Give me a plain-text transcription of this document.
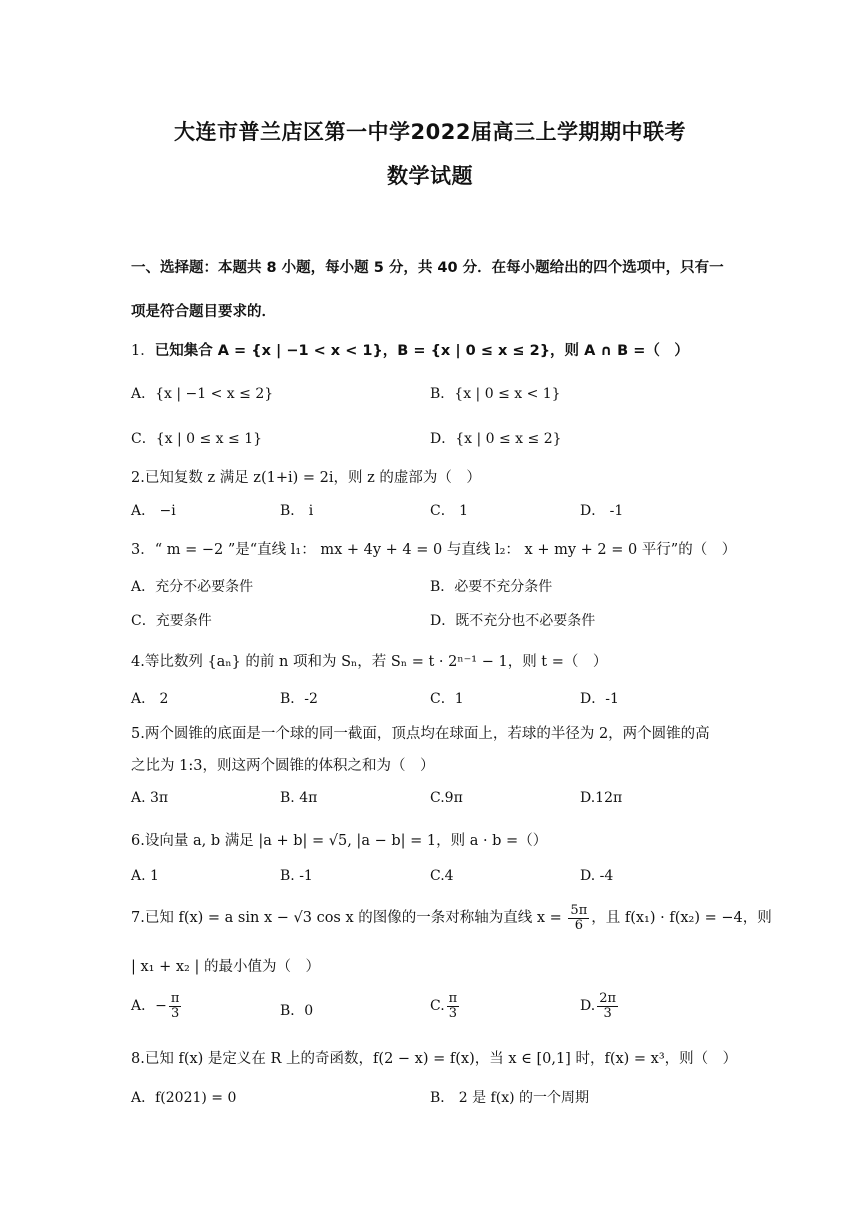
大连市普兰店区第一中学2022届高三上学期期中联考
数学试题
一、选择题：本题共 8 小题，每小题 5 分，共 40 分．在每小题给出的四个选项中，只有一
项是符合题目要求的．
1．已知集合 A = {x | −1 < x < 1}，B = {x | 0 ≤ x ≤ 2}，则 A ∩ B =（　）
A．{x | −1 < x ≤ 2}	B．{x | 0 ≤ x < 1}
C．{x | 0 ≤ x ≤ 1}	D．{x | 0 ≤ x ≤ 2}
2.已知复数 z 满足 z(1+i) = 2i，则 z 的虚部为（　）
A． −i	B． i	C． 1	D． -1
3．“ m = −2 ”是“直线 l₁： mx + 4y + 4 = 0 与直线 l₂： x + my + 2 = 0 平行”的（　）
A．充分不必要条件	B．必要不充分条件
C．充要条件	D．既不充分也不必要条件
4.等比数列 {aₙ} 的前 n 项和为 Sₙ，若 Sₙ = t · 2ⁿ⁻¹ − 1，则 t =（　）
A． 2	B．-2	C．1	D．-1
5.两个圆锥的底面是一个球的同一截面，顶点均在球面上，若球的半径为 2，两个圆锥的高
之比为 1:3，则这两个圆锥的体积之和为（　）
A. 3π	B. 4π	C.9π	D.12π
6.设向量 a, b 满足 |a + b| = √5, |a − b| = 1，则 a · b =（）
A. 1	B. -1	C.4	D. -4
7.已知 f(x) = a sin x − √3 cos x 的图像的一条对称轴为直线 $x = \frac{5\pi}{6}$ ，且 f(x₁) · f(x₂) = −4，则
| x₁ + x₂ | 的最小值为（　）
A．− $\frac{\pi}{3}$	B．0	C. $\frac{\pi}{3}$	D. $\frac{2\pi}{3}$
8.已知 f(x) 是定义在 R 上的奇函数，f(2 − x) = f(x)，当 x ∈ [0,1] 时，f(x) = x³，则（　）
A．f(2021) = 0	B． 2 是 f(x) 的一个周期
